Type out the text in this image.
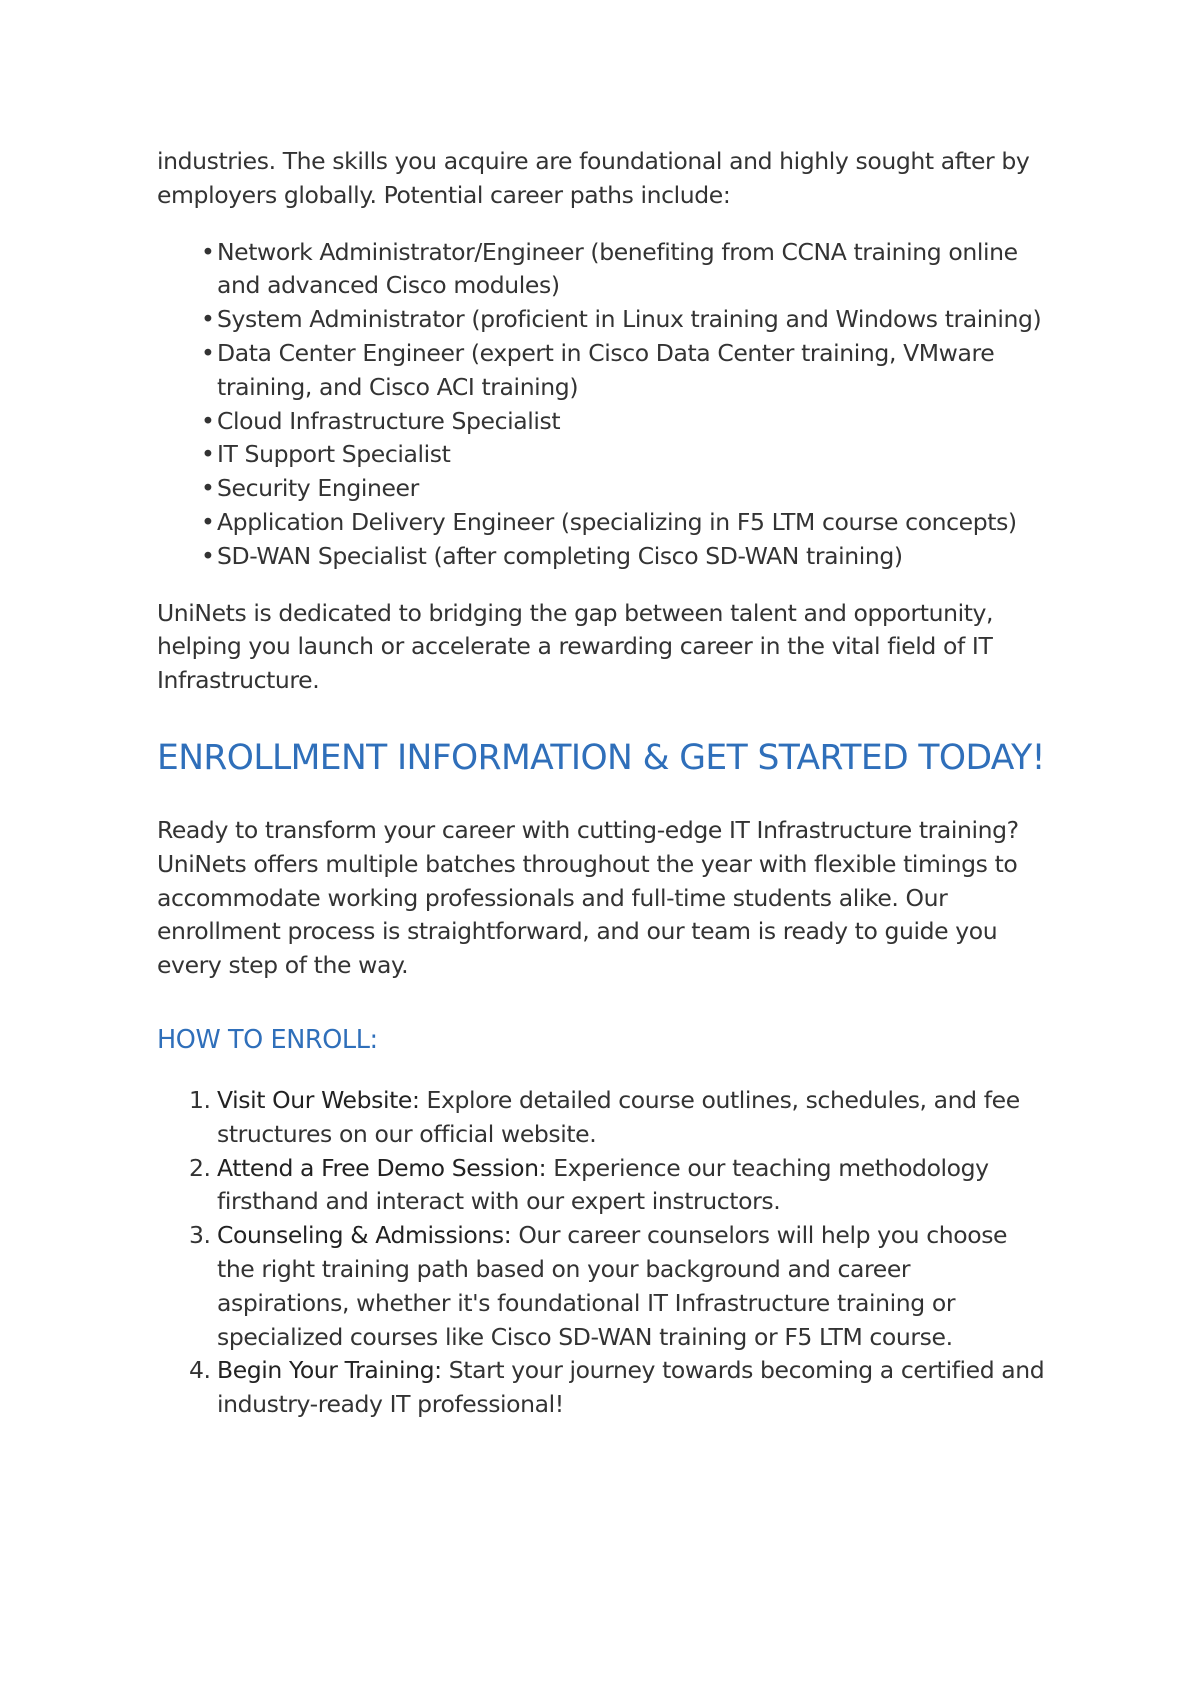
industries. The skills you acquire are foundational and highly sought after by employers globally. Potential career paths include:

• Network Administrator/Engineer (benefiting from CCNA training online and advanced Cisco modules)
• System Administrator (proficient in Linux training and Windows training)
• Data Center Engineer (expert in Cisco Data Center training, VMware training, and Cisco ACI training)
• Cloud Infrastructure Specialist
• IT Support Specialist
• Security Engineer
• Application Delivery Engineer (specializing in F5 LTM course concepts)
• SD-WAN Specialist (after completing Cisco SD-WAN training)

UniNets is dedicated to bridging the gap between talent and opportunity, helping you launch or accelerate a rewarding career in the vital field of IT Infrastructure.

ENROLLMENT INFORMATION & GET STARTED TODAY!

Ready to transform your career with cutting-edge IT Infrastructure training? UniNets offers multiple batches throughout the year with flexible timings to accommodate working professionals and full-time students alike. Our enrollment process is straightforward, and our team is ready to guide you every step of the way.

HOW TO ENROLL:
1. Visit Our Website: Explore detailed course outlines, schedules, and fee structures on our official website.
2. Attend a Free Demo Session: Experience our teaching methodology firsthand and interact with our expert instructors.
3. Counseling & Admissions: Our career counselors will help you choose the right training path based on your background and career aspirations, whether it's foundational IT Infrastructure training or specialized courses like Cisco SD-WAN training or F5 LTM course.
4. Begin Your Training: Start your journey towards becoming a certified and industry-ready IT professional!
